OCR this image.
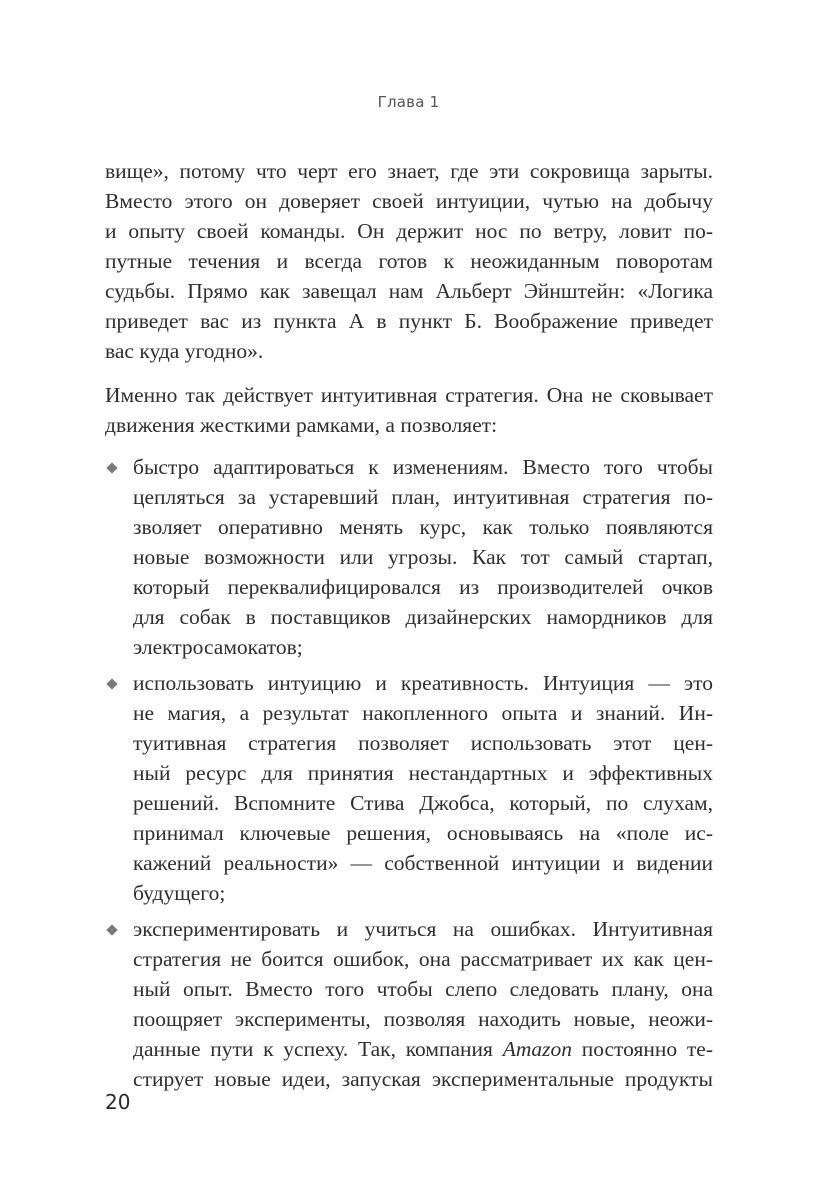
Глава 1

вище», потому что черт его знает, где эти сокровища зарыты.
Вместо этого он доверяет своей интуиции, чутью на добычу
и опыту своей команды. Он держит нос по ветру, ловит по-
путные течения и всегда готов к неожиданным поворотам
судьбы. Прямо как завещал нам Альберт Эйнштейн: «Логика
приведет вас из пункта А в пункт Б. Воображение приведет
вас куда угодно».

Именно так действует интуитивная стратегия. Она не сковывает
движения жесткими рамками, а позволяет:

быстро адаптироваться к изменениям. Вместо того чтобы
цепляться за устаревший план, интуитивная стратегия по-
зволяет оперативно менять курс, как только появляются
новые возможности или угрозы. Как тот самый стартап,
который переквалифицировался из производителей очков
для собак в поставщиков дизайнерских намордников для
электросамокатов;
использовать интуицию и креативность. Интуиция — это
не магия, а результат накопленного опыта и знаний. Ин-
туитивная стратегия позволяет использовать этот цен-
ный ресурс для принятия нестандартных и эффективных
решений. Вспомните Стива Джобса, который, по слухам,
принимал ключевые решения, основываясь на «поле ис-
кажений реальности» — собственной интуиции и видении
будущего;
экспериментировать и учиться на ошибках. Интуитивная
стратегия не боится ошибок, она рассматривает их как цен-
ный опыт. Вместо того чтобы слепо следовать плану, она
поощряет эксперименты, позволяя находить новые, неожи-
данные пути к успеху. Так, компания Amazon постоянно те-
стирует новые идеи, запуская экспериментальные продукты
20
